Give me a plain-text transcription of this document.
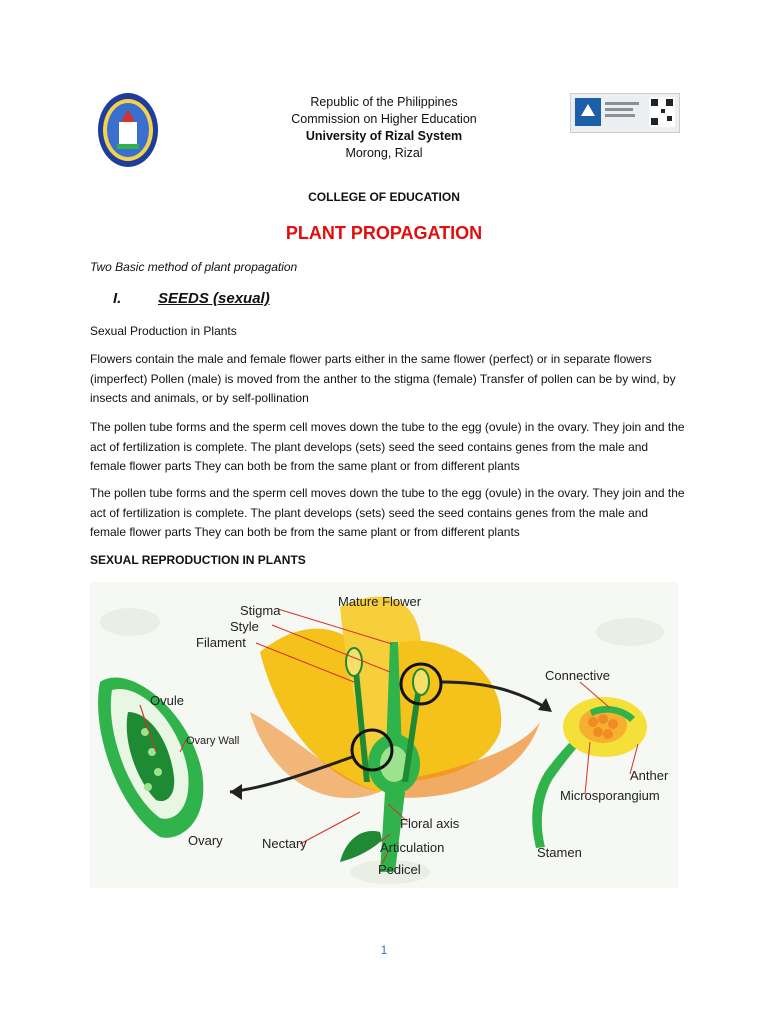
Republic of the Philippines
Commission on Higher Education
University of Rizal System
Morong, Rizal
COLLEGE OF EDUCATION
PLANT PROPAGATION
Two Basic method of plant propagation
I. SEEDS (sexual)
Sexual Production in Plants
Flowers contain the male and female flower parts either in the same flower (perfect) or in separate flowers (imperfect) Pollen (male) is moved from the anther to the stigma (female) Transfer of pollen can be by wind, by insects and animals, or by self-pollination
The pollen tube forms and the sperm cell moves down the tube to the egg (ovule) in the ovary. They join and the act of fertilization is complete. The plant develops (sets) seed the seed contains genes from the male and female flower parts They can both be from the same plant or from different plants
The pollen tube forms and the sperm cell moves down the tube to the egg (ovule) in the ovary. They join and the act of fertilization is complete. The plant develops (sets) seed the seed contains genes from the male and female flower parts They can both be from the same plant or from different plants
SEXUAL REPRODUCTION IN PLANTS
Stigma
Style
Filament
Mature Flower
Connective
Ovule
Ovary Wall
Anther
Microsporangium
Floral axis
Ovary	Nectary	Articulation
Pedicel
Stamen
1
